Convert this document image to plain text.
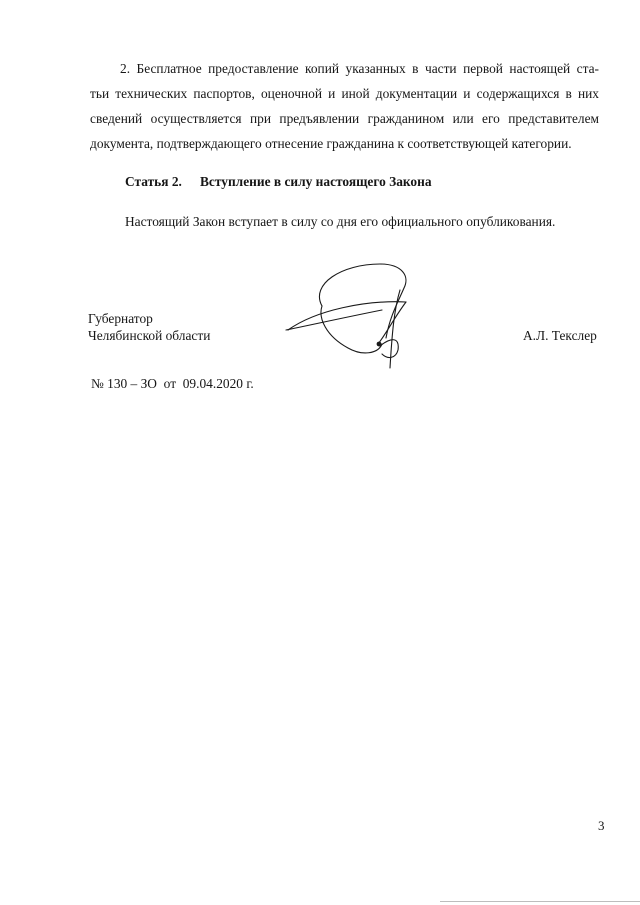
2. Бесплатное предоставление копий указанных в части первой настоящей ста-
тьи технических паспортов, оценочной и иной документации и содержащихся в них
сведений осуществляется при предъявлении гражданином или его представителем
документа, подтверждающего отнесение гражданина к соответствующей категории.
Статья 2. Вступление в силу настоящего Закона
Настоящий Закон вступает в силу со дня его официального опубликования.
Губернатор
Челябинской области	А.Л. Текслер
№ 130 – ЗО  от  09.04.2020 г.
3
